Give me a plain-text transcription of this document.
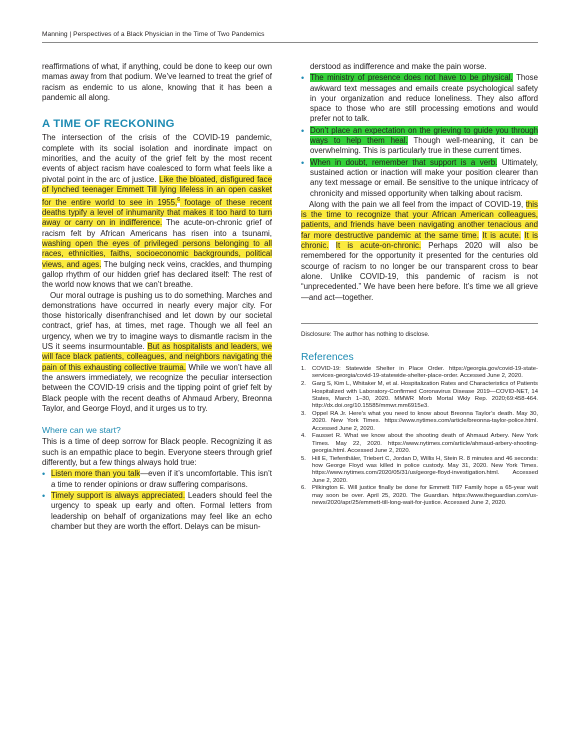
Manning | Perspectives of a Black Physician in the Time of Two Pandemics

reaffirmations of what, if anything, could be done to keep our own mamas away from that podium. We’ve learned to treat the grief of racism as endemic to us alone, knowing that it has been a pandemic all along.

A TIME OF RECKONING

The intersection of the crisis of the COVID-19 pandemic, complete with its social isolation and inordinate impact on minorities, and the acuity of the grief felt by the most recent events of abject racism have coalesced to form what feels like a pivotal point in the arc of justice. Like the bloated, disfigured face of lynched teenager Emmett Till lying lifeless in an open casket for the entire world to see in 1955,$^6$ footage of these recent deaths typify a level of inhumanity that makes it too hard to turn away or carry on in indifference. The acute-on-chronic grief of racism felt by African Americans has risen into a tsunami, washing open the eyes of privileged persons belonging to all races, ethnicities, faiths, socioeconomic backgrounds, political views, and ages. The bulging neck veins, crackles, and thumping gallop rhythm of our hidden grief has declared itself: The rest of the world now knows that we can’t breathe.

Our moral outrage is pushing us to do something. Marches and demonstrations have occurred in nearly every major city. For those historically disenfranchised and let down by our societal contract, grief has, at times, met rage. Though we all feel an urgency, when we try to imagine ways to dismantle racism in the US it seems insurmountable. But as hospitalists and leaders, we will face black patients, colleagues, and neighbors navigating the pain of this exhausting collective trauma. While we won’t have all the answers immediately, we recognize the peculiar intersection between the COVID-19 crisis and the tipping point of grief felt by Black people with the recent deaths of Ahmaud Arbery, Breonna Taylor, and George Floyd, and it urges us to try.

Where can we start?

This is a time of deep sorrow for Black people. Recognizing it as such is an empathic place to begin. Everyone steers through grief differently, but a few things always hold true:

• Listen more than you talk—even if it’s uncomfortable. This isn’t a time to render opinions or draw suffering comparisons.
• Timely support is always appreciated. Leaders should feel the urgency to speak up early and often. Formal letters from leadership on behalf of organizations may feel like an echo chamber but they are worth the effort. Delays can be misun-

derstood as indifference and make the pain worse.

• The ministry of presence does not have to be physical. Those awkward text messages and emails create psychological safety in your organization and reduce loneliness. They also afford space to those who are still processing emotions and would prefer not to talk.
• Don’t place an expectation on the grieving to guide you through ways to help them heal. Though well-meaning, it can be overwhelming. This is particularly true in these current times.
• When in doubt, remember that support is a verb. Ultimately, sustained action or inaction will make your position clearer than any text message or email. Be sensitive to the unique intricacy of chronicity and missed opportunity when talking about racism.

Along with the pain we all feel from the impact of COVID-19, this is the time to recognize that your African American colleagues, patients, and friends have been navigating another tenacious and far more destructive pandemic at the same time. It is acute. It is chronic. It is acute-on-chronic. Perhaps 2020 will also be remembered for the opportunity it presented for the centuries old scourge of racism to no longer be our transparent cross to bear alone. Unlike COVID-19, this pandemic of racism is not “unprecedented.” We have been here before. It’s time we all grieve—and act—together.

Disclosure: The author has nothing to disclose.
References
1. COVID-19: Statewide Shelter in Place Order. https://georgia.gov/covid-19-state-services-georgia/covid-19-statewide-shelter-place-order. Accessed June 2, 2020.
2. Garg S, Kim L, Whitaker M, et al. Hospitalization Rates and Characteristics of Patients Hospitalized with Laboratory-Confirmed Coronavirus Disease 2019—COVID-NET, 14 States, March 1–30, 2020. MMWR Morb Mortal Wkly Rep. 2020;69:458-464. http://dx.doi.org/10.15585/mmwr.mm6915e3.
3. Oppel RA Jr. Here’s what you need to know about Breonna Taylor’s death. May 30, 2020. New York Times. https://www.nytimes.com/article/breonna-taylor-police.html. Accessed June 2, 2020.
4. Fausset R. What we know about the shooting death of Ahmaud Arbery. New York Times. May 22, 2020. https://www.nytimes.com/article/ahmaud-arbery-shooting-georgia.html. Accessed June 2, 2020.
5. Hill E, Tiefenthäler, Triebert C, Jordan D, Willis H, Stein R. 8 minutes and 46 seconds: how George Floyd was killed in police custody. May 31, 2020. New York Times. https://www.nytimes.com/2020/05/31/us/george-floyd-investigation.html. Accessed June 2, 2020.
6. Pilkington E. Will justice finally be done for Emmett Till? Family hope a 65-year wait may soon be over. April 25, 2020. The Guardian. https://www.theguardian.com/us-news/2020/apr/25/emmett-till-long-wait-for-justice. Accessed June 2, 2020.
